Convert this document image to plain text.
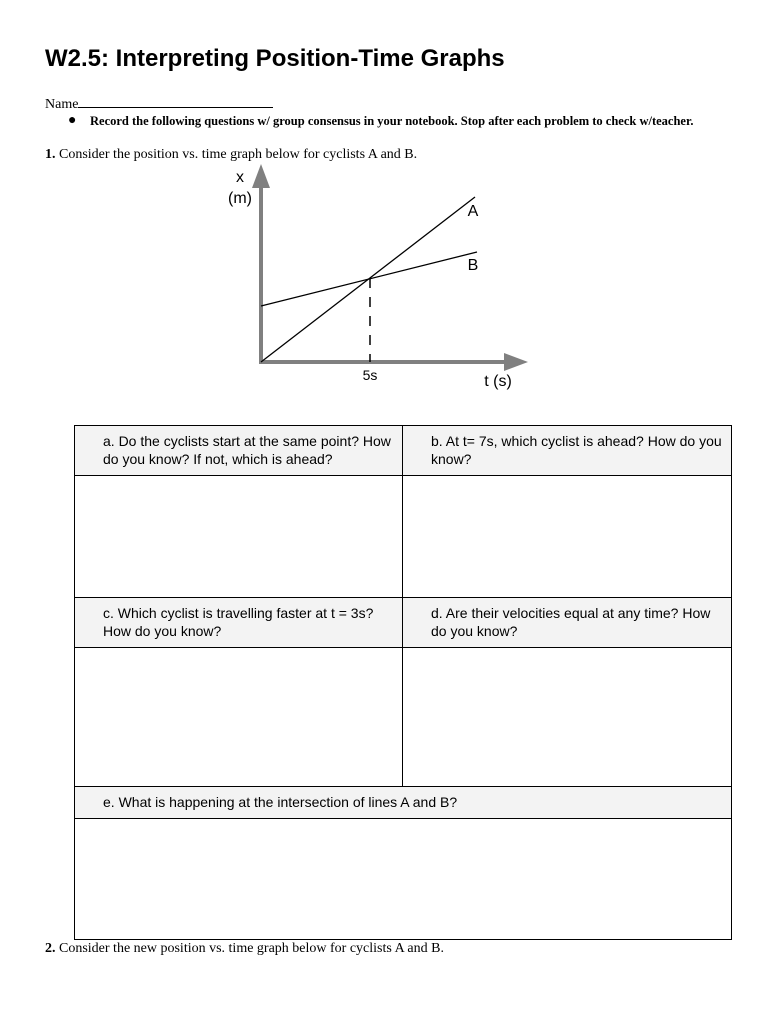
W2.5: Interpreting Position-Time Graphs
Name
● Record the following questions w/ group consensus in your notebook. Stop after each problem to check w/teacher.
1. Consider the position vs. time graph below for cyclists A and B.
x
(m)
A
B
5s	t (s)
a. Do the cyclists start at the same point? How do you know? If not, which is ahead?	b. At t= 7s, which cyclist is ahead? How do you know?

c. Which cyclist is travelling faster at t = 3s? How do you know?	d. Are their velocities equal at any time? How do you know?

e. What is happening at the intersection of lines A and B?	

2. Consider the new position vs. time graph below for cyclists A and B.
